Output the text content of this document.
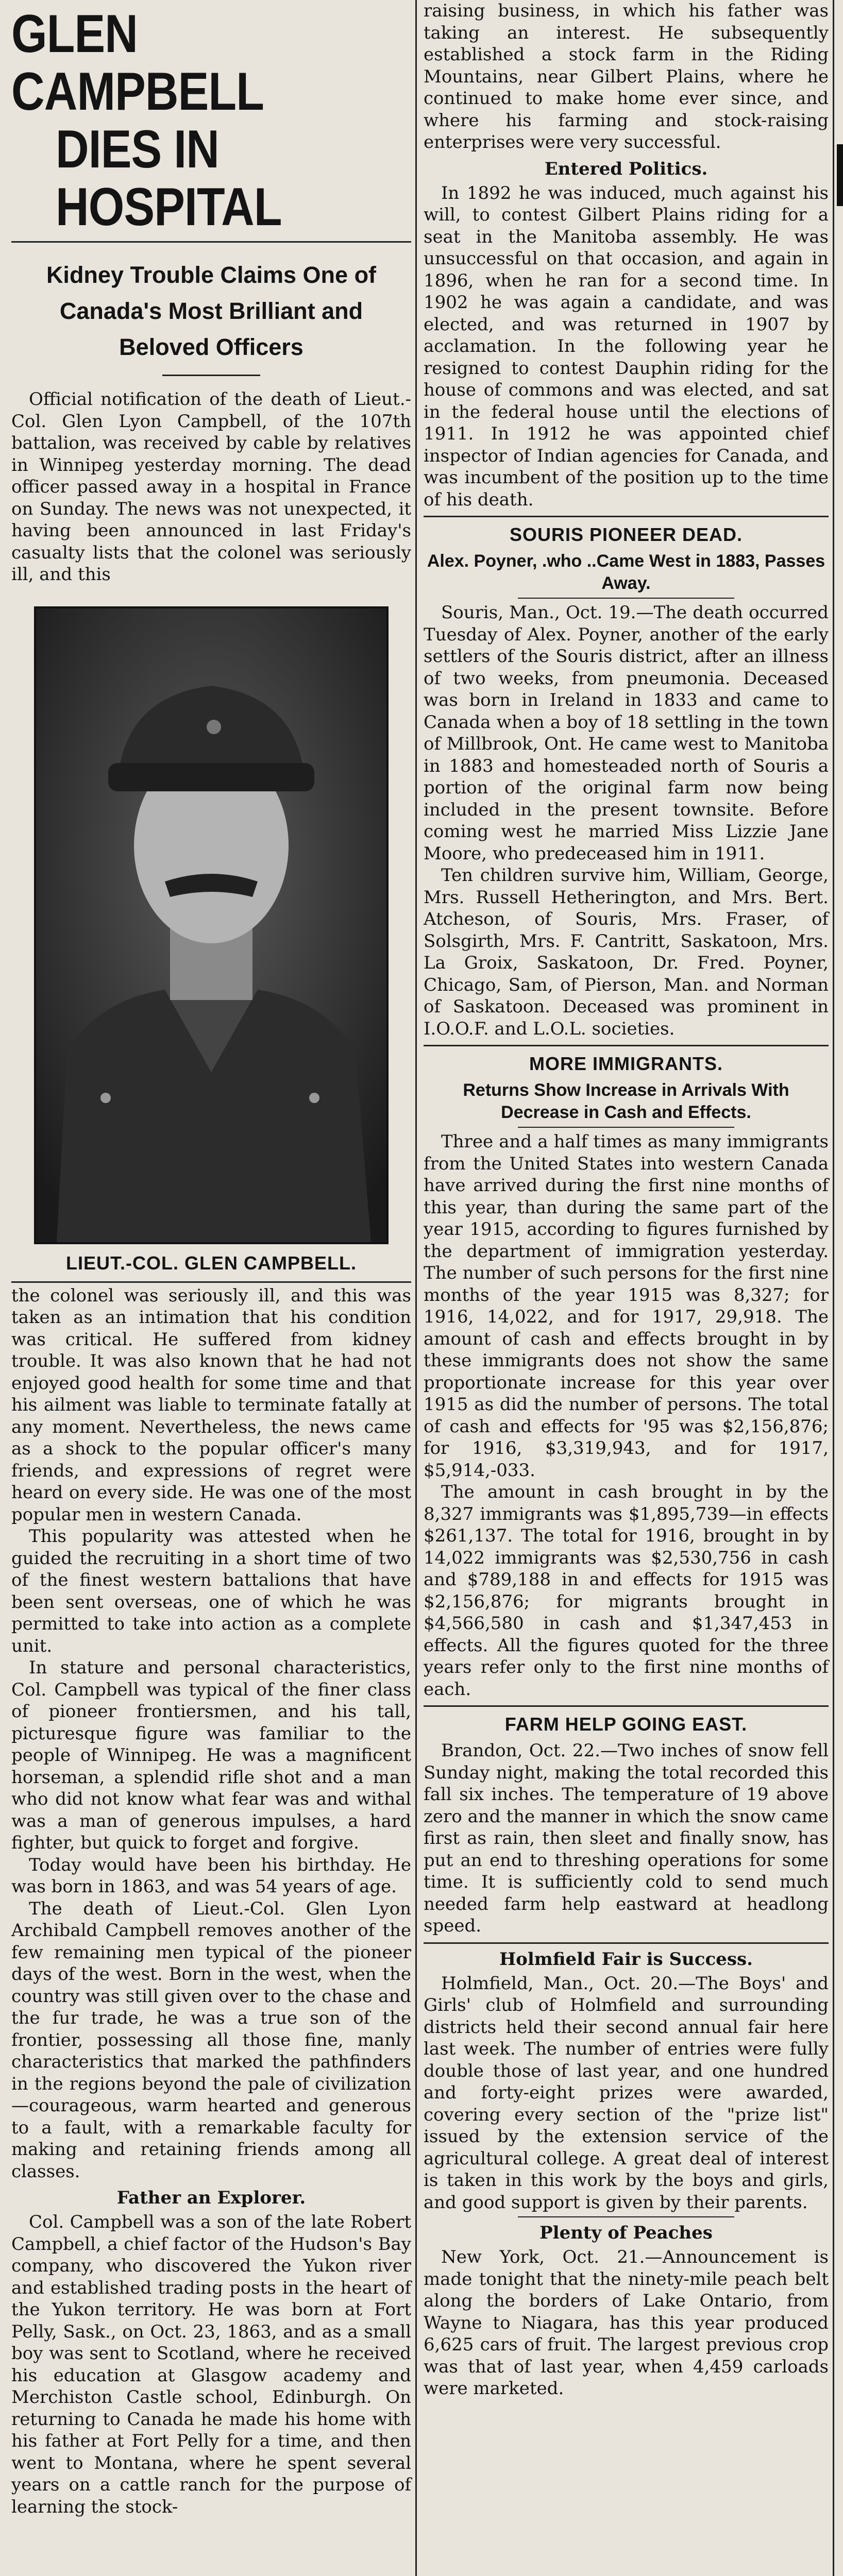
GLEN CAMPBELL
DIES IN HOSPITAL
Kidney Trouble Claims One of Canada's Most Brilliant and Beloved Officers

Official notification of the death of Lieut.-Col. Glen Lyon Campbell, of the 107th battalion, was received by cable by relatives in Winnipeg yesterday morning. The dead officer passed away in a hospital in France on Sunday. The news was not unexpected, it having been announced in last Friday's casualty lists that the colonel was seriously ill, and this

LIEUT.-COL. GLEN CAMPBELL.

the colonel was seriously ill, and this was taken as an intimation that his condition was critical. He suffered from kidney trouble. It was also known that he had not enjoyed good health for some time and that his ailment was liable to terminate fatally at any moment. Nevertheless, the news came as a shock to the popular officer's many friends, and expressions of regret were heard on every side. He was one of the most popular men in western Canada.

This popularity was attested when he guided the recruiting in a short time of two of the finest western battalions that have been sent overseas, one of which he was permitted to take into action as a complete unit.

In stature and personal characteristics, Col. Campbell was typical of the finer class of pioneer frontiersmen, and his tall, picturesque figure was familiar to the people of Winnipeg. He was a magnificent horseman, a splendid rifle shot and a man who did not know what fear was and withal was a man of generous impulses, a hard fighter, but quick to forget and forgive.

Today would have been his birthday. He was born in 1863, and was 54 years of age.

The death of Lieut.-Col. Glen Lyon Archibald Campbell removes another of the few remaining men typical of the pioneer days of the west. Born in the west, when the country was still given over to the chase and the fur trade, he was a true son of the frontier, possessing all those fine, manly characteristics that marked the pathfinders in the regions beyond the pale of civilization—courageous, warm hearted and generous to a fault, with a remarkable faculty for making and retaining friends among all classes.

Father an Explorer.

Col. Campbell was a son of the late Robert Campbell, a chief factor of the Hudson's Bay company, who discovered the Yukon river and established trading posts in the heart of the Yukon territory. He was born at Fort Pelly, Sask., on Oct. 23, 1863, and as a small boy was sent to Scotland, where he received his education at Glasgow academy and Merchiston Castle school, Edinburgh. On returning to Canada he made his home with his father at Fort Pelly for a time, and then went to Montana, where he spent several years on a cattle ranch for the purpose of learning the stock-

raising business, in which his father was taking an interest. He subsequently established a stock farm in the Riding Mountains, near Gilbert Plains, where he continued to make home ever since, and where his farming and stock-raising enterprises were very successful.

Entered Politics.

In 1892 he was induced, much against his will, to contest Gilbert Plains riding for a seat in the Manitoba assembly. He was unsuccessful on that occasion, and again in 1896, when he ran for a second time. In 1902 he was again a candidate, and was elected, and was returned in 1907 by acclamation. In the following year he resigned to contest Dauphin riding for the house of commons and was elected, and sat in the federal house until the elections of 1911. In 1912 he was appointed chief inspector of Indian agencies for Canada, and was incumbent of the position up to the time of his death.

SOURIS PIONEER DEAD.
Alex. Poyner, .who ..Came West in 1883, Passes Away.

Souris, Man., Oct. 19.—The death occurred Tuesday of Alex. Poyner, another of the early settlers of the Souris district, after an illness of two weeks, from pneumonia. Deceased was born in Ireland in 1833 and came to Canada when a boy of 18 settling in the town of Millbrook, Ont. He came west to Manitoba in 1883 and homesteaded north of Souris a portion of the original farm now being included in the present townsite. Before coming west he married Miss Lizzie Jane Moore, who predeceased him in 1911.

Ten children survive him, William, George, Mrs. Russell Hetherington, and Mrs. Bert. Atcheson, of Souris, Mrs. Fraser, of Solsgirth, Mrs. F. Cantritt, Saskatoon, Mrs. La Groix, Saskatoon, Dr. Fred. Poyner, Chicago, Sam, of Pierson, Man. and Norman of Saskatoon. Deceased was prominent in I.O.O.F. and L.O.L. societies.

MORE IMMIGRANTS.
Returns Show Increase in Arrivals With Decrease in Cash and Effects.

Three and a half times as many immigrants from the United States into western Canada have arrived during the first nine months of this year, than during the same part of the year 1915, according to figures furnished by the department of immigration yesterday. The number of such persons for the first nine months of the year 1915 was 8,327; for 1916, 14,022, and for 1917, 29,918. The amount of cash and effects brought in by these immigrants does not show the same proportionate increase for this year over 1915 as did the number of persons. The total of cash and effects for '95 was $2,156,876; for 1916, $3,319,943, and for 1917, $5,914,-033.

The amount in cash brought in by the 8,327 immigrants was $1,895,739—in effects $261,137. The total for 1916, brought in by 14,022 immigrants was $2,530,756 in cash and $789,188 in and effects for 1915 was $2,156,876; for migrants brought in $4,566,580 in cash and $1,347,453 in effects. All the figures quoted for the three years refer only to the first nine months of each.

FARM HELP GOING EAST.

Brandon, Oct. 22.—Two inches of snow fell Sunday night, making the total recorded this fall six inches. The temperature of 19 above zero and the manner in which the snow came first as rain, then sleet and finally snow, has put an end to threshing operations for some time. It is sufficiently cold to send much needed farm help eastward at headlong speed.

Holmfield Fair is Success.

Holmfield, Man., Oct. 20.—The Boys' and Girls' club of Holmfield and surrounding districts held their second annual fair here last week. The number of entries were fully double those of last year, and one hundred and forty-eight prizes were awarded, covering every section of the "prize list" issued by the extension service of the agricultural college. A great deal of interest is taken in this work by the boys and girls, and good support is given by their parents.

Plenty of Peaches

New York, Oct. 21.—Announcement is made tonight that the ninety-mile peach belt along the borders of Lake Ontario, from Wayne to Niagara, has this year produced 6,625 cars of fruit. The largest previous crop was that of last year, when 4,459 carloads were marketed.
